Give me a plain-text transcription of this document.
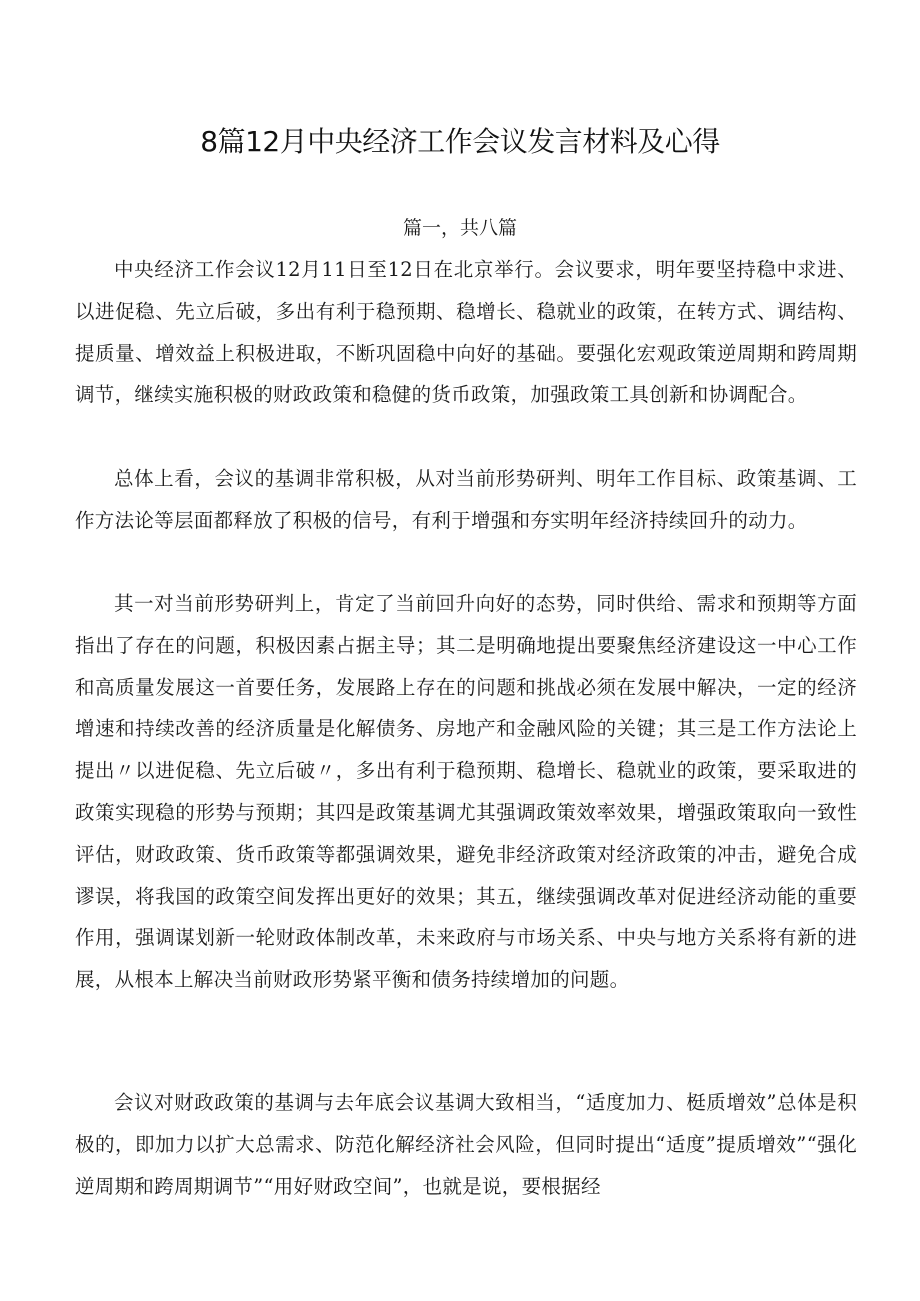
8篇12月中央经济工作会议发言材料及心得
篇一，共八篇

中央经济工作会议12月11日至12日在北京举行。会议要求，明年要坚持稳中求进、以进促稳、先立后破，多出有利于稳预期、稳增长、稳就业的政策，在转方式、调结构、提质量、增效益上积极进取，不断巩固稳中向好的基础。要强化宏观政策逆周期和跨周期调节，继续实施积极的财政政策和稳健的货币政策，加强政策工具创新和协调配合。

总体上看，会议的基调非常积极，从对当前形势研判、明年工作目标、政策基调、工作方法论等层面都释放了积极的信号，有利于增强和夯实明年经济持续回升的动力。

其一对当前形势研判上，肯定了当前回升向好的态势，同时供给、需求和预期等方面指出了存在的问题，积极因素占据主导；其二是明确地提出要聚焦经济建设这一中心工作和高质量发展这一首要任务，发展路上存在的问题和挑战必须在发展中解决，一定的经济增速和持续改善的经济质量是化解债务、房地产和金融风险的关键；其三是工作方法论上提出〃以进促稳、先立后破〃，多出有利于稳预期、稳增长、稳就业的政策，要采取进的政策实现稳的形势与预期；其四是政策基调尤其强调政策效率效果，增强政策取向一致性评估，财政政策、货币政策等都强调效果，避免非经济政策对经济政策的冲击，避免合成谬误，将我国的政策空间发挥出更好的效果；其五，继续强调改革对促进经济动能的重要作用，强调谋划新一轮财政体制改革，未来政府与市场关系、中央与地方关系将有新的进展，从根本上解决当前财政形势紧平衡和债务持续增加的问题。

会议对财政政策的基调与去年底会议基调大致相当，“适度加力、梃质增效”总体是积极的，即加力以扩大总需求、防范化解经济社会风险，但同时提出“适度”提质增效”“强化逆周期和跨周期调节”“用好财政空间”，也就是说，要根据经
